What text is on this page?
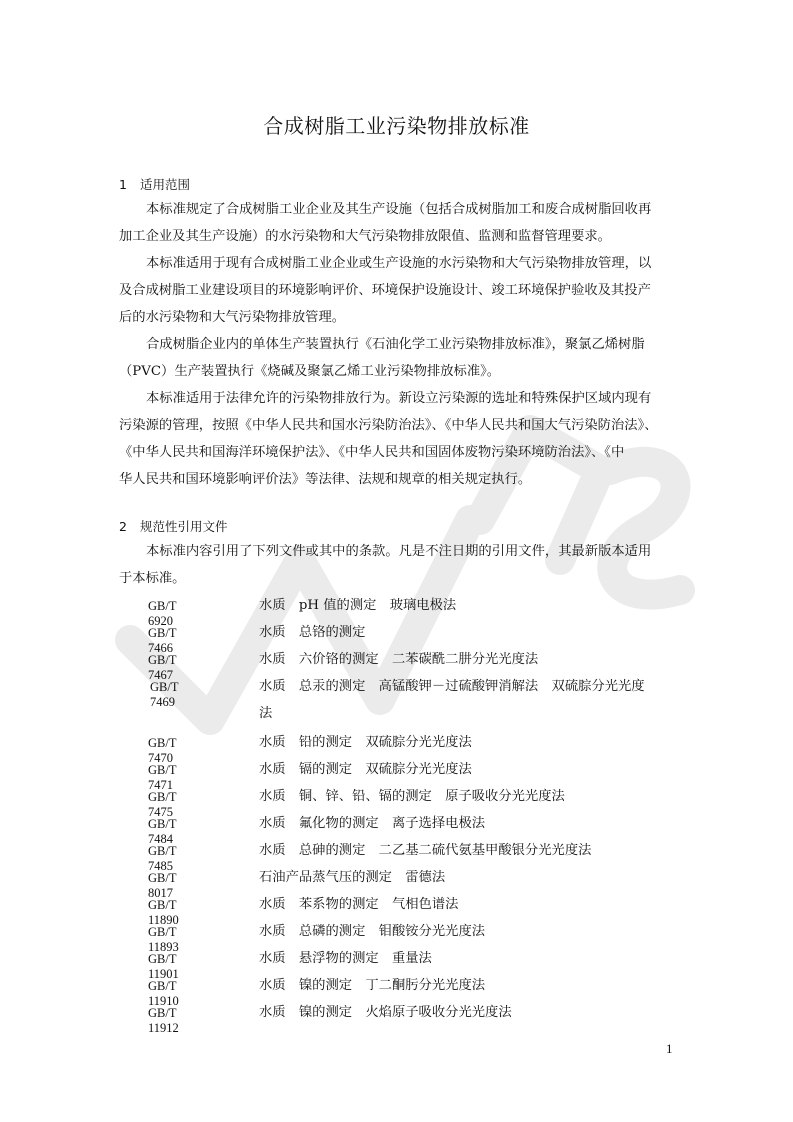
合成树脂工业污染物排放标准
1 适用范围
本标准规定了合成树脂工业企业及其生产设施（包括合成树脂加工和废合成树脂回收再
加工企业及其生产设施）的水污染物和大气污染物排放限值、监测和监督管理要求。
本标准适用于现有合成树脂工业企业或生产设施的水污染物和大气污染物排放管理，以
及合成树脂工业建设项目的环境影响评价、环境保护设施设计、竣工环境保护验收及其投产
后的水污染物和大气污染物排放管理。
合成树脂企业内的单体生产装置执行《石油化学工业污染物排放标准》，聚氯乙烯树脂
（PVC）生产装置执行《烧碱及聚氯乙烯工业污染物排放标准》。
本标准适用于法律允许的污染物排放行为。新设立污染源的选址和特殊保护区域内现有
污染源的管理，按照《中华人民共和国水污染防治法》、《中华人民共和国大气污染防治法》、
《中华人民共和国海洋环境保护法》、《中华人民共和国固体废物污染环境防治法》、《中
华人民共和国环境影响评价法》等法律、法规和规章的相关规定执行。
2 规范性引用文件
本标准内容引用了下列文件或其中的条款。凡是不注日期的引用文件，其最新版本适用
于本标准。
GB/T 6920
水质　pH 值的测定　玻璃电极法
GB/T 7466
水质　总铬的测定
GB/T 7467
水质　六价铬的测定　二苯碳酰二肼分光光度法
GB/T 7469
水质　总汞的测定　高锰酸钾－过硫酸钾消解法　双硫腙分光光度
法
GB/T 7470
水质　铅的测定　双硫腙分光光度法
GB/T 7471
水质　镉的测定　双硫腙分光光度法
GB/T 7475
水质　铜、锌、铅、镉的测定　原子吸收分光光度法
GB/T 7484
水质　氟化物的测定　离子选择电极法
GB/T 7485
水质　总砷的测定　二乙基二硫代氨基甲酸银分光光度法
GB/T 8017
石油产品蒸气压的测定　雷德法
GB/T 11890
水质　苯系物的测定　气相色谱法
GB/T 11893
水质　总磷的测定　钼酸铵分光光度法
GB/T 11901
水质　悬浮物的测定　重量法
GB/T 11910
水质　镍的测定　丁二酮肟分光光度法
GB/T 11912
水质　镍的测定　火焰原子吸收分光光度法
1
